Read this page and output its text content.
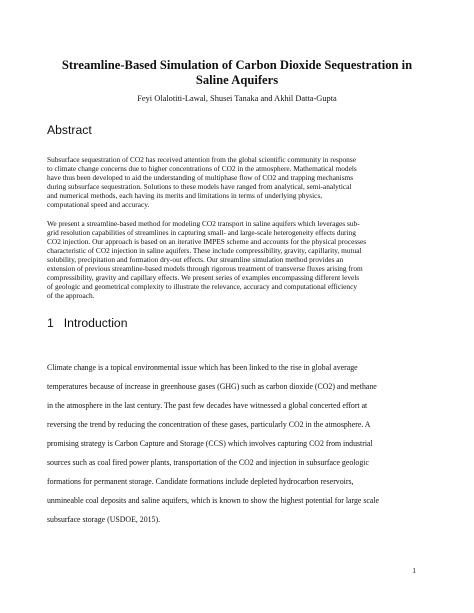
Streamline-Based Simulation of Carbon Dioxide Sequestration in
Saline Aquifers
Feyi Olalotiti-Lawal, Shusei Tanaka and Akhil Datta-Gupta
Abstract
Subsurface sequestration of CO2 has received attention from the global scientific community in response
to climate change concerns due to higher concentrations of CO2 in the atmosphere. Mathematical models
have thus been developed to aid the understanding of multiphase flow of CO2 and trapping mechanisms
during subsurface sequestration. Solutions to these models have ranged from analytical, semi-analytical
and numerical methods, each having its merits and limitations in terms of underlying physics,
computational speed and accuracy.
We present a streamline-based method for modeling CO2 transport in saline aquifers which leverages sub-
grid resolution capabilities of streamlines in capturing small- and large-scale heterogeneity effects during
CO2 injection. Our approach is based on an iterative IMPES scheme and accounts for the physical processes
characteristic of CO2 injection in saline aquifers. These include compressibility, gravity, capillarity, mutual
solubility, precipitation and formation dry-out effects. Our streamline simulation method provides an
extension of previous streamline-based models through rigorous treatment of transverse fluxes arising from
compressibility, gravity and capillary effects. We present series of examples encompassing different levels
of geologic and geometrical complexity to illustrate the relevance, accuracy and computational efficiency
of the approach.
1 Introduction
Climate change is a topical environmental issue which has been linked to the rise in global average
temperatures because of increase in greenhouse gases (GHG) such as carbon dioxide (CO2) and methane
in the atmosphere in the last century. The past few decades have witnessed a global concerted effort at
reversing the trend by reducing the concentration of these gases, particularly CO2 in the atmosphere. A
promising strategy is Carbon Capture and Storage (CCS) which involves capturing CO2 from industrial
sources such as coal fired power plants, transportation of the CO2 and injection in subsurface geologic
formations for permanent storage. Candidate formations include depleted hydrocarbon reservoirs,
unmineable coal deposits and saline aquifers, which is known to show the highest potential for large scale
subsurface storage (USDOE, 2015).
1
